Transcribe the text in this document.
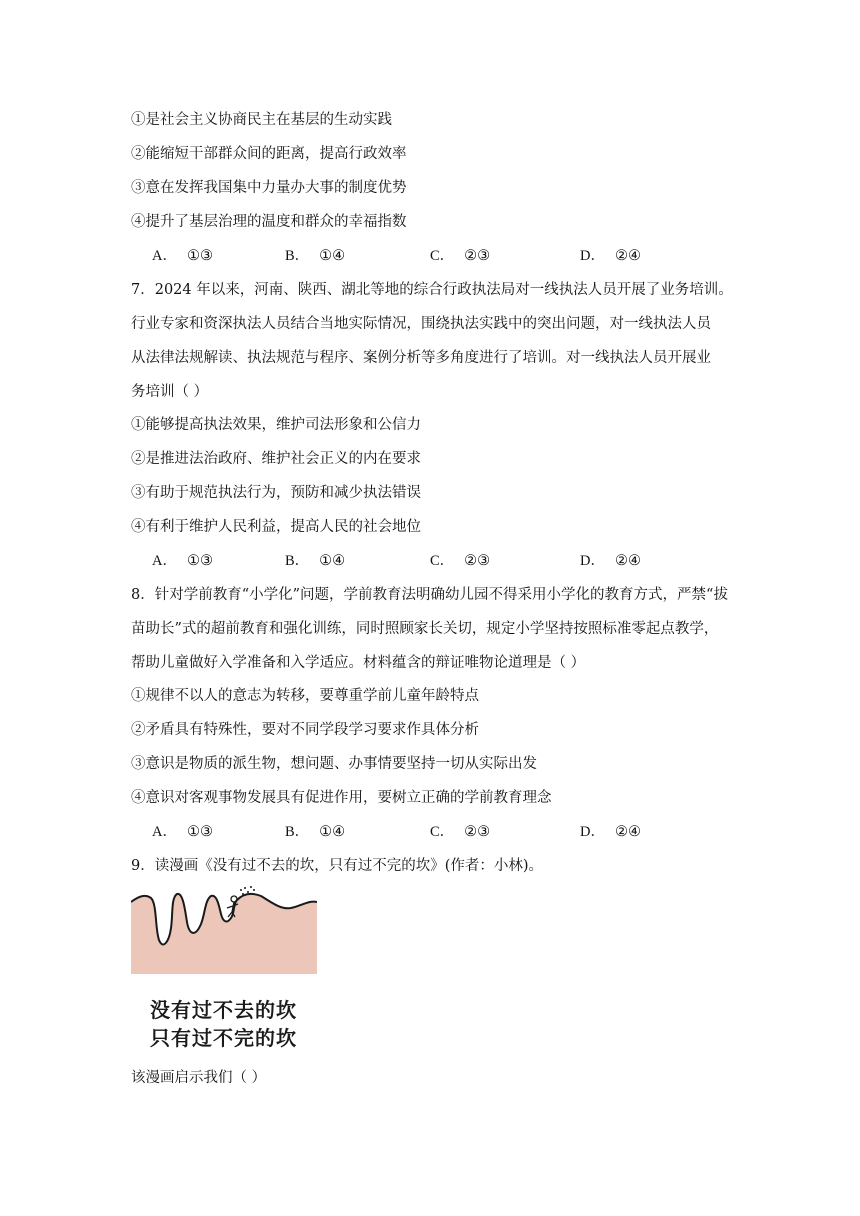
①是社会主义协商民主在基层的生动实践
②能缩短干部群众间的距离，提高行政效率
③意在发挥我国集中力量办大事的制度优势
④提升了基层治理的温度和群众的幸福指数
A． ①③	B． ①④	C． ②③	D． ②④
7．2024 年以来，河南、陕西、湖北等地的综合行政执法局对一线执法人员开展了业务培训。
行业专家和资深执法人员结合当地实际情况，围绕执法实践中的突出问题，对一线执法人员
从法律法规解读、执法规范与程序、案例分析等多角度进行了培训。对一线执法人员开展业
务培训（ ）
①能够提高执法效果，维护司法形象和公信力
②是推进法治政府、维护社会正义的内在要求
③有助于规范执法行为，预防和减少执法错误
④有利于维护人民利益，提高人民的社会地位
A． ①③	B． ①④	C． ②③	D． ②④
8．针对学前教育“小学化”问题，学前教育法明确幼儿园不得采用小学化的教育方式，严禁“拔
苗助长”式的超前教育和强化训练，同时照顾家长关切，规定小学坚持按照标准零起点教学，
帮助儿童做好入学准备和入学适应。材料蕴含的辩证唯物论道理是（ ）
①规律不以人的意志为转移，要尊重学前儿童年龄特点
②矛盾具有特殊性，要对不同学段学习要求作具体分析
③意识是物质的派生物，想问题、办事情要坚持一切从实际出发
④意识对客观事物发展具有促进作用，要树立正确的学前教育理念
A． ①③	B． ①④	C． ②③	D． ②④
9．读漫画《没有过不去的坎，只有过不完的坎》(作者：小林)。
没有过不去的坎
只有过不完的坎
该漫画启示我们（ ）
